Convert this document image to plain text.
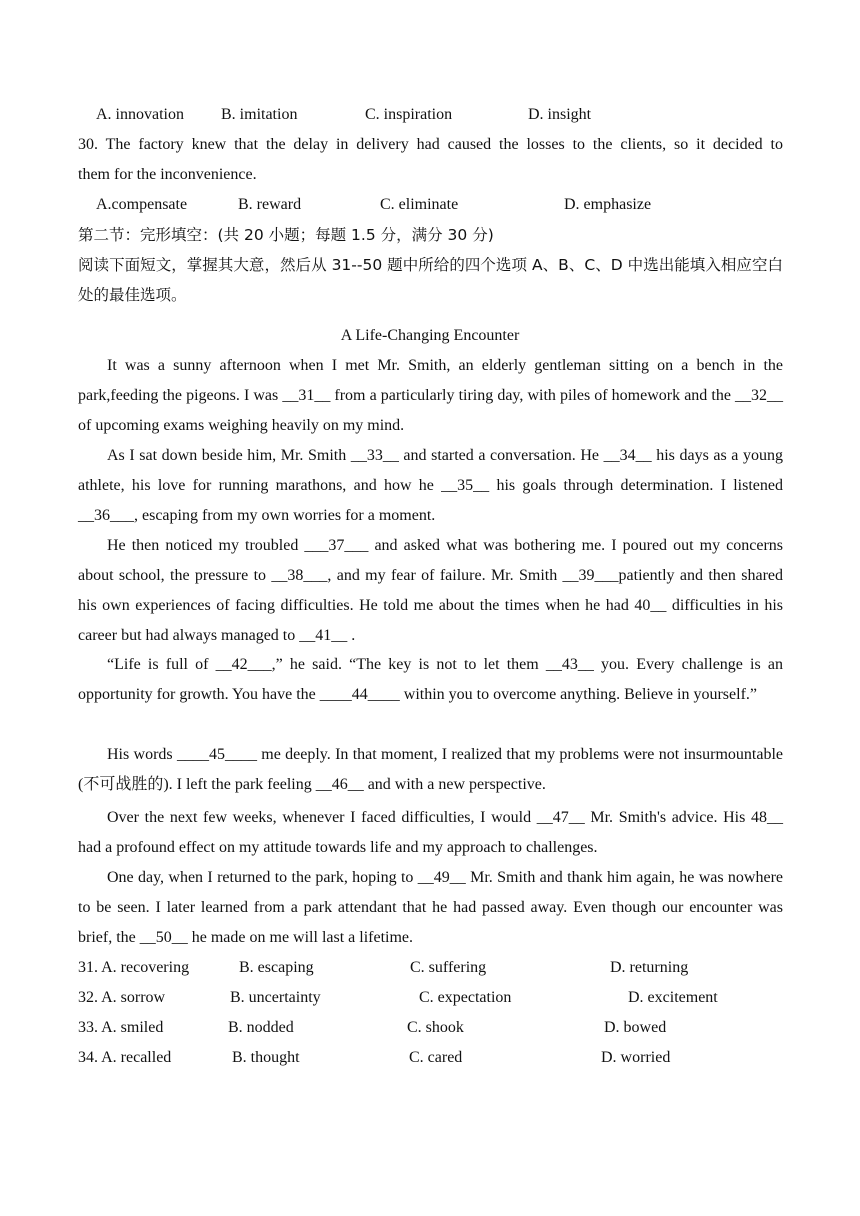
A. innovation B. imitation	C. inspiration	D. insight
30. The factory knew that the delay in delivery had caused the losses to the clients, so it decided to
them for the inconvenience.
A.compensate	B. reward	C. eliminate	D. emphasize
第二节：完形填空：(共 20 小题；每题 1.5 分，满分 30 分)
阅读下面短文，掌握其大意，然后从 31--50 题中所给的四个选项 A、B、C、D 中选出能填入相应空白处的最佳选项。
A Life-Changing Encounter
It was a sunny afternoon when I met Mr. Smith, an elderly gentleman sitting on a bench in the park,feeding the pigeons. I was __31__ from a particularly tiring day, with piles of homework and the __32__ of upcoming exams weighing heavily on my mind.
As I sat down beside him, Mr. Smith __33__ and started a conversation. He __34__ his days as a young athlete, his love for running marathons, and how he __35__ his goals through determination. I listened __36___, escaping from my own worries for a moment.
He then noticed my troubled ___37___ and asked what was bothering me. I poured out my concerns about school, the pressure to __38___, and my fear of failure. Mr. Smith __39___patiently and then shared his own experiences of facing difficulties. He told me about the times when he had 40__ difficulties in his career but had always managed to __41__ .
“Life is full of __42___,” he said. “The key is not to let them __43__ you. Every challenge is an opportunity for growth. You have the ____44____ within you to overcome anything. Believe in yourself.”
His words ____45____ me deeply. In that moment, I realized that my problems were not insurmountable (不可战胜的). I left the park feeling __46__ and with a new perspective.
Over the next few weeks, whenever I faced difficulties, I would __47__ Mr. Smith's advice. His 48__ had a profound effect on my attitude towards life and my approach to challenges.
One day, when I returned to the park, hoping to __49__ Mr. Smith and thank him again, he was nowhere to be seen. I later learned from a park attendant that he had passed away. Even though our encounter was brief, the __50__ he made on me will last a lifetime.
31. A. recovering	B. escaping	C. suffering	D. returning
32. A. sorrow	B. uncertainty	C. expectation	D. excitement
33. A. smiled	B. nodded	C. shook	D. bowed
34. A. recalled	B. thought	C. cared	D. worried
